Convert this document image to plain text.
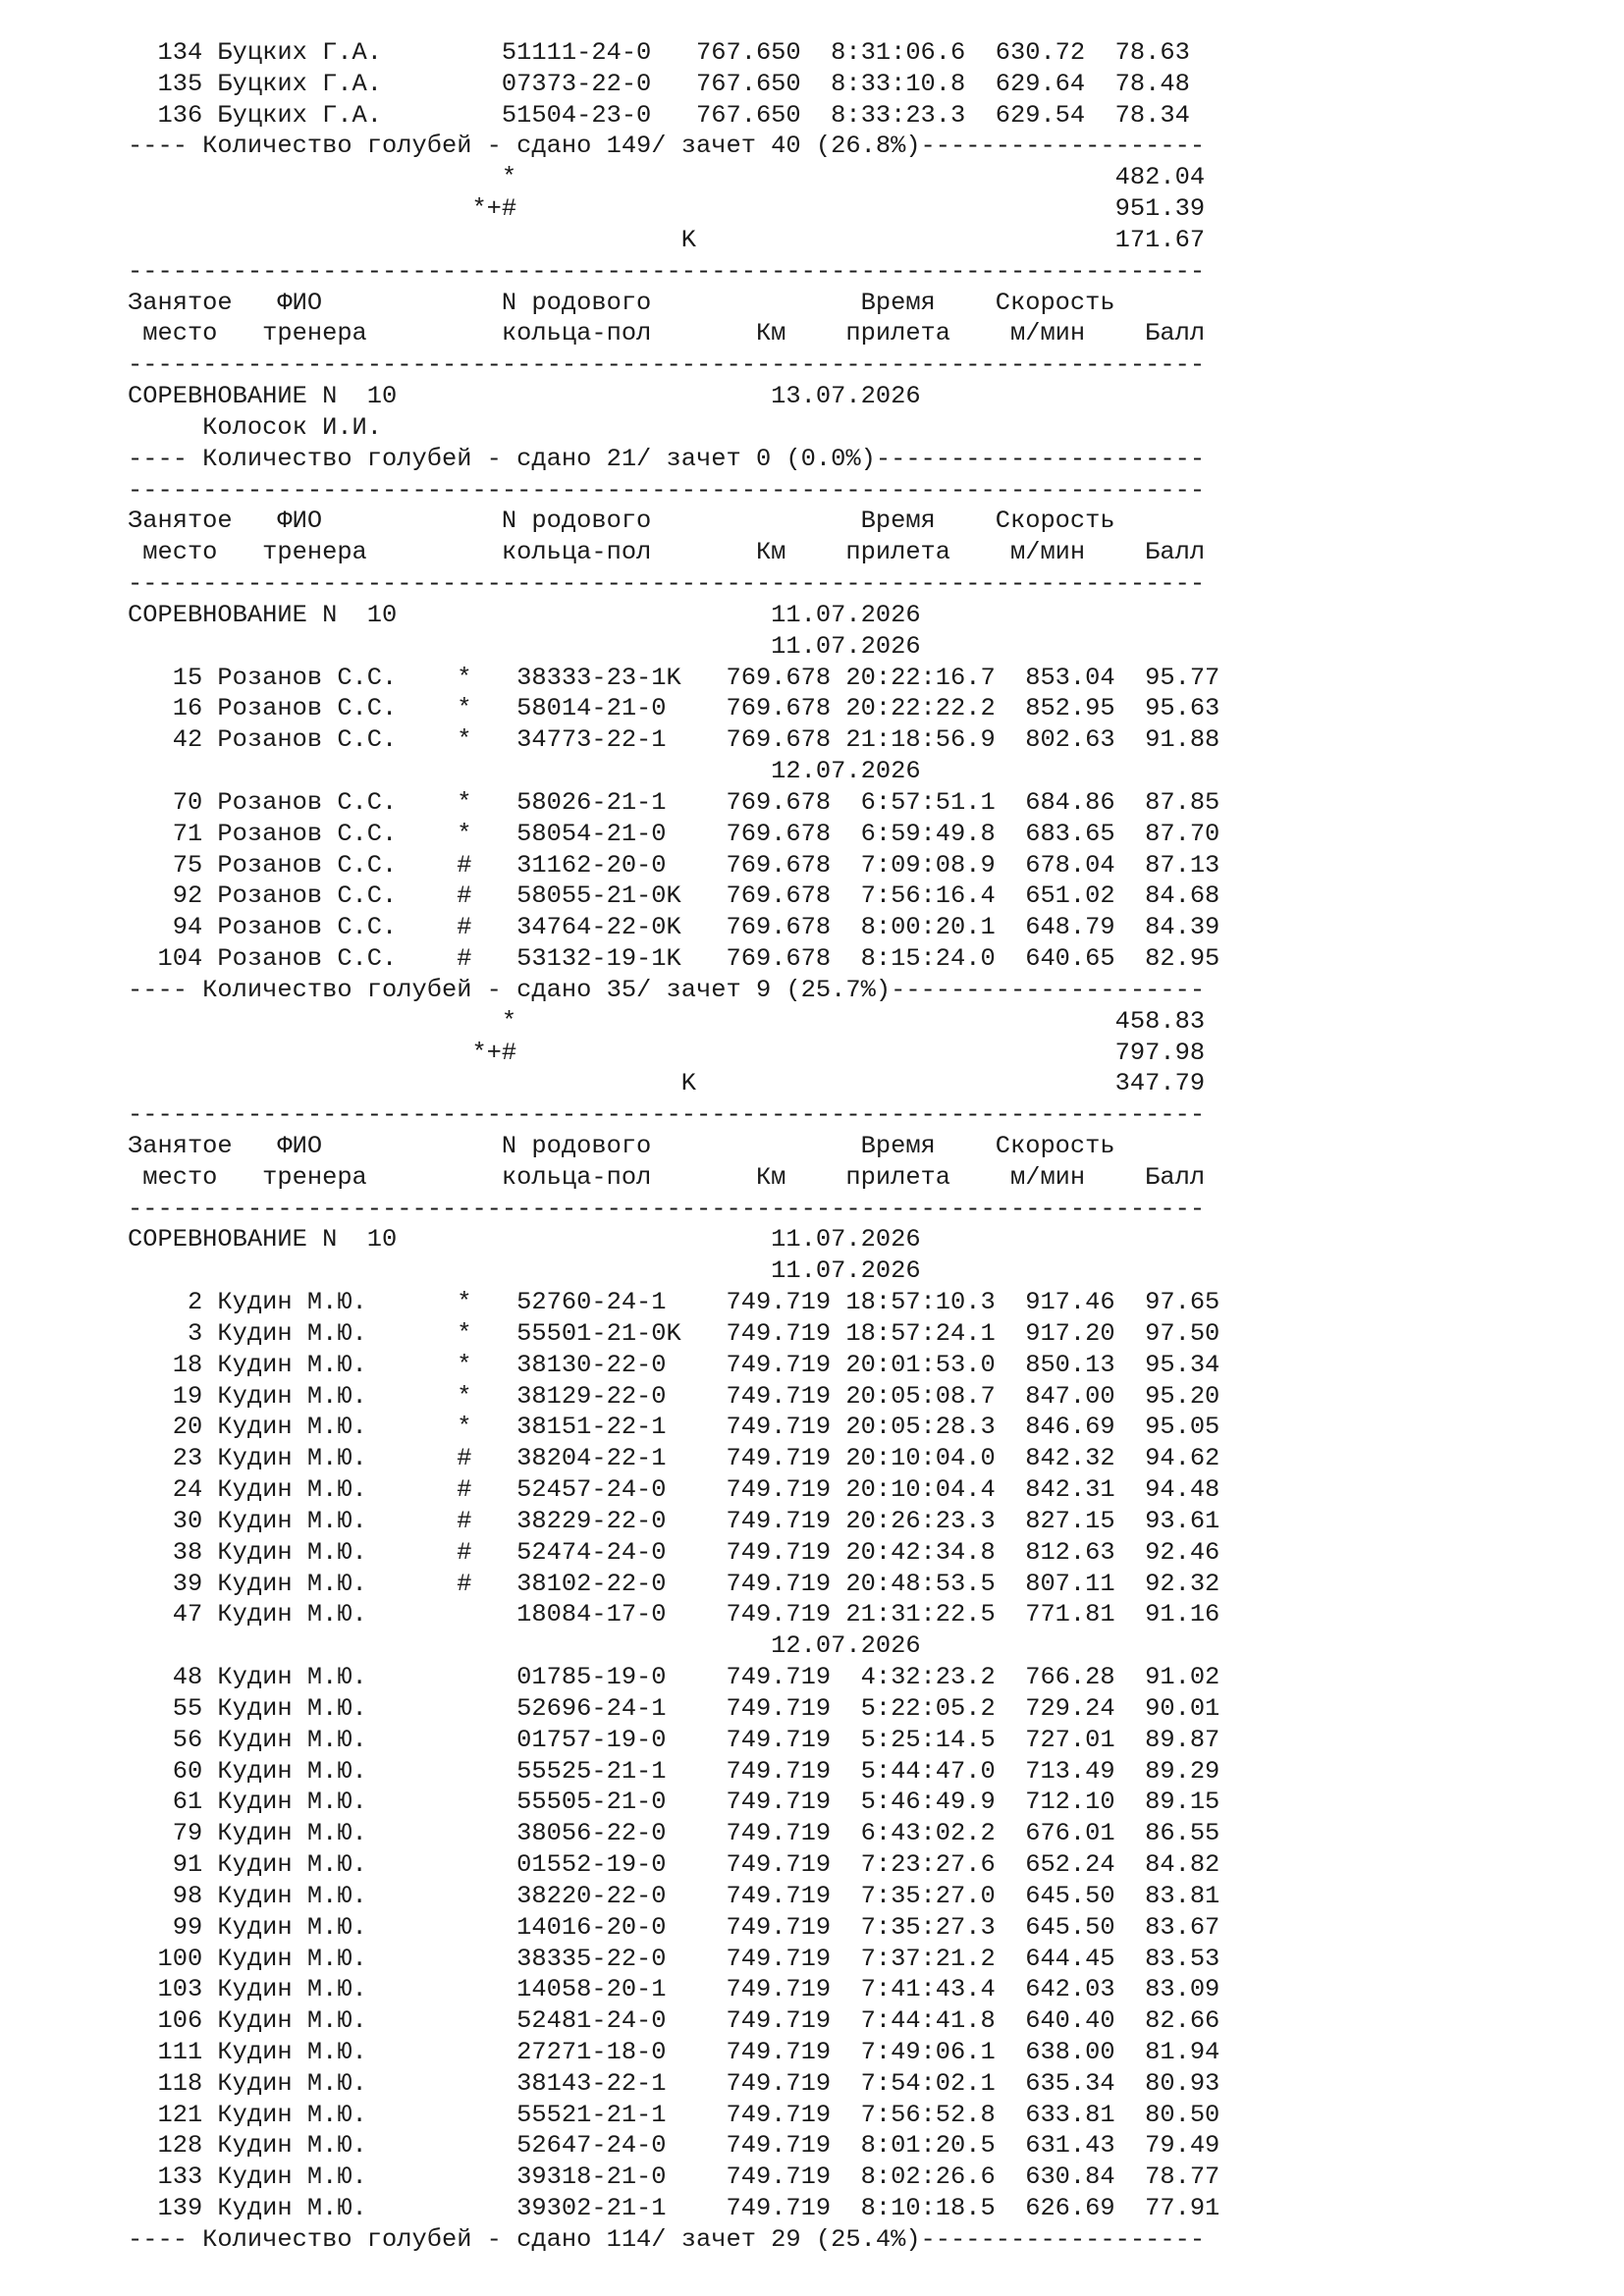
134 Буцких Г.А.        51111-24-0   767.650  8:31:06.6  630.72  78.63
135 Буцких Г.А.        07373-22-0   767.650  8:33:10.8  629.64  78.48
136 Буцких Г.А.        51504-23-0   767.650  8:33:23.3  629.54  78.34
---- Количество голубей - сдано 149/ зачет 40 (26.8%)-------------------
*                                        482.04
*+#                                        951.39
K                            171.67
------------------------------------------------------------------------
Занятое   ФИО            N родового              Время    Скорость
место   тренера         кольца-пол       Км    прилета    м/мин    Балл
------------------------------------------------------------------------
СОРЕВНОВАНИЕ N  10                         13.07.2026
Колосок И.И.
---- Количество голубей - сдано 21/ зачет 0 (0.0%)----------------------
------------------------------------------------------------------------
Занятое   ФИО            N родового              Время    Скорость
место   тренера         кольца-пол       Км    прилета    м/мин    Балл
------------------------------------------------------------------------
СОРЕВНОВАНИЕ N  10                         11.07.2026
11.07.2026
15 Розанов С.С.    *   38333-23-1K   769.678 20:22:16.7  853.04  95.77
16 Розанов С.С.    *   58014-21-0    769.678 20:22:22.2  852.95  95.63
42 Розанов С.С.    *   34773-22-1    769.678 21:18:56.9  802.63  91.88
12.07.2026
70 Розанов С.С.    *   58026-21-1    769.678  6:57:51.1  684.86  87.85
71 Розанов С.С.    *   58054-21-0    769.678  6:59:49.8  683.65  87.70
75 Розанов С.С.    #   31162-20-0    769.678  7:09:08.9  678.04  87.13
92 Розанов С.С.    #   58055-21-0K   769.678  7:56:16.4  651.02  84.68
94 Розанов С.С.    #   34764-22-0K   769.678  8:00:20.1  648.79  84.39
104 Розанов С.С.    #   53132-19-1K   769.678  8:15:24.0  640.65  82.95
---- Количество голубей - сдано 35/ зачет 9 (25.7%)---------------------
*                                        458.83
*+#                                        797.98
K                            347.79
------------------------------------------------------------------------
Занятое   ФИО            N родового              Время    Скорость
место   тренера         кольца-пол       Км    прилета    м/мин    Балл
------------------------------------------------------------------------
СОРЕВНОВАНИЕ N  10                         11.07.2026
11.07.2026
2 Кудин М.Ю.      *   52760-24-1    749.719 18:57:10.3  917.46  97.65
3 Кудин М.Ю.      *   55501-21-0K   749.719 18:57:24.1  917.20  97.50
18 Кудин М.Ю.      *   38130-22-0    749.719 20:01:53.0  850.13  95.34
19 Кудин М.Ю.      *   38129-22-0    749.719 20:05:08.7  847.00  95.20
20 Кудин М.Ю.      *   38151-22-1    749.719 20:05:28.3  846.69  95.05
23 Кудин М.Ю.      #   38204-22-1    749.719 20:10:04.0  842.32  94.62
24 Кудин М.Ю.      #   52457-24-0    749.719 20:10:04.4  842.31  94.48
30 Кудин М.Ю.      #   38229-22-0    749.719 20:26:23.3  827.15  93.61
38 Кудин М.Ю.      #   52474-24-0    749.719 20:42:34.8  812.63  92.46
39 Кудин М.Ю.      #   38102-22-0    749.719 20:48:53.5  807.11  92.32
47 Кудин М.Ю.          18084-17-0    749.719 21:31:22.5  771.81  91.16
12.07.2026
48 Кудин М.Ю.          01785-19-0    749.719  4:32:23.2  766.28  91.02
55 Кудин М.Ю.          52696-24-1    749.719  5:22:05.2  729.24  90.01
56 Кудин М.Ю.          01757-19-0    749.719  5:25:14.5  727.01  89.87
60 Кудин М.Ю.          55525-21-1    749.719  5:44:47.0  713.49  89.29
61 Кудин М.Ю.          55505-21-0    749.719  5:46:49.9  712.10  89.15
79 Кудин М.Ю.          38056-22-0    749.719  6:43:02.2  676.01  86.55
91 Кудин М.Ю.          01552-19-0    749.719  7:23:27.6  652.24  84.82
98 Кудин М.Ю.          38220-22-0    749.719  7:35:27.0  645.50  83.81
99 Кудин М.Ю.          14016-20-0    749.719  7:35:27.3  645.50  83.67
100 Кудин М.Ю.          38335-22-0    749.719  7:37:21.2  644.45  83.53
103 Кудин М.Ю.          14058-20-1    749.719  7:41:43.4  642.03  83.09
106 Кудин М.Ю.          52481-24-0    749.719  7:44:41.8  640.40  82.66
111 Кудин М.Ю.          27271-18-0    749.719  7:49:06.1  638.00  81.94
118 Кудин М.Ю.          38143-22-1    749.719  7:54:02.1  635.34  80.93
121 Кудин М.Ю.          55521-21-1    749.719  7:56:52.8  633.81  80.50
128 Кудин М.Ю.          52647-24-0    749.719  8:01:20.5  631.43  79.49
133 Кудин М.Ю.          39318-21-0    749.719  8:02:26.6  630.84  78.77
139 Кудин М.Ю.          39302-21-1    749.719  8:10:18.5  626.69  77.91
---- Количество голубей - сдано 114/ зачет 29 (25.4%)-------------------
